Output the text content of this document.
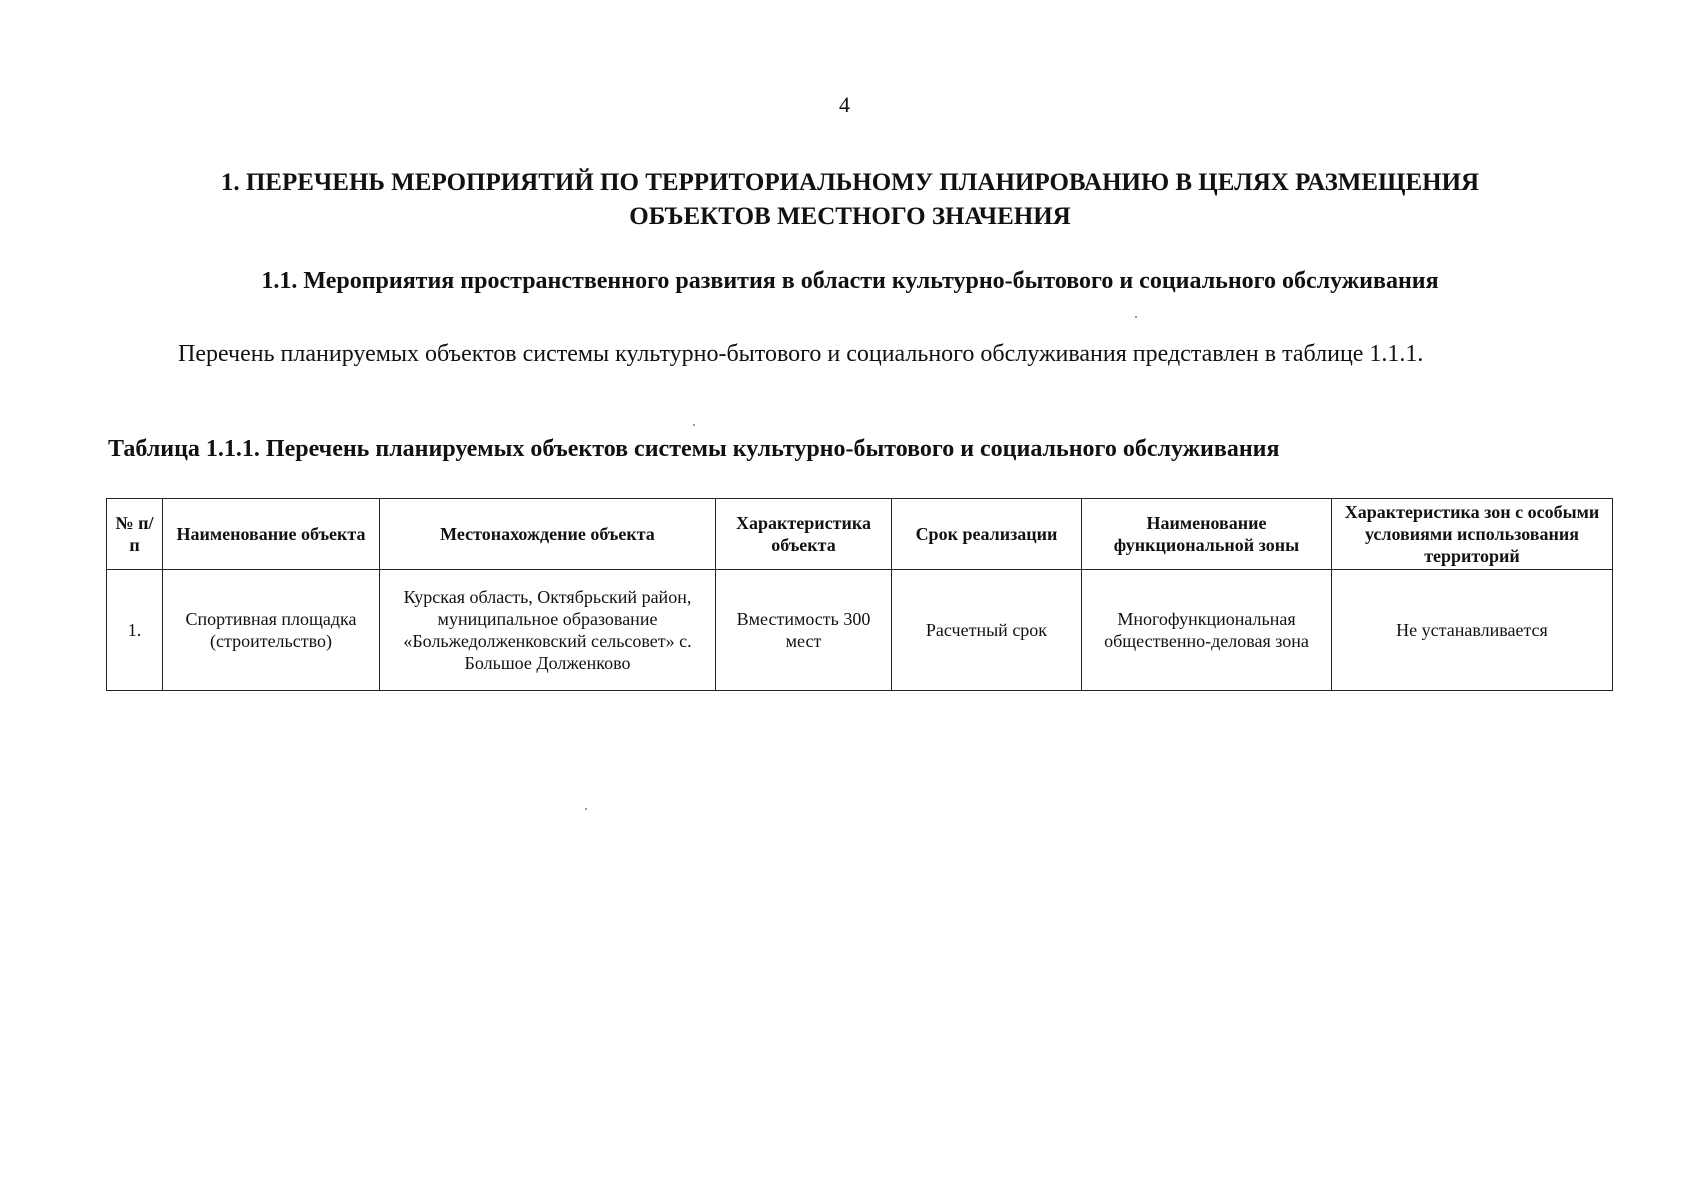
4
1. ПЕРЕЧЕНЬ МЕРОПРИЯТИЙ ПО ТЕРРИТОРИАЛЬНОМУ ПЛАНИРОВАНИЮ В ЦЕЛЯХ РАЗМЕЩЕНИЯ
ОБЪЕКТОВ МЕСТНОГО ЗНАЧЕНИЯ
1.1. Мероприятия пространственного развития в области культурно-бытового и социального обслуживания
Перечень планируемых объектов системы культурно-бытового и социального обслуживания представлен в таблице 1.1.1.
Таблица 1.1.1. Перечень планируемых объектов системы культурно-бытового и социального обслуживания
№ п/п	Наименование объекта	Местонахождение объекта	Характеристика объекта	Срок реализации	Наименование функциональной зоны	Характеристика зон с особыми условиями использования территорий
1.	Спортивная площадка (строительство)	Курская область, Октябрьский район, муниципальное образование «Больжедолженковский сельсовет» с. Большое Долженково	Вместимость 300 мест	Расчетный срок	Многофункциональная общественно-деловая зона	Не устанавливается
